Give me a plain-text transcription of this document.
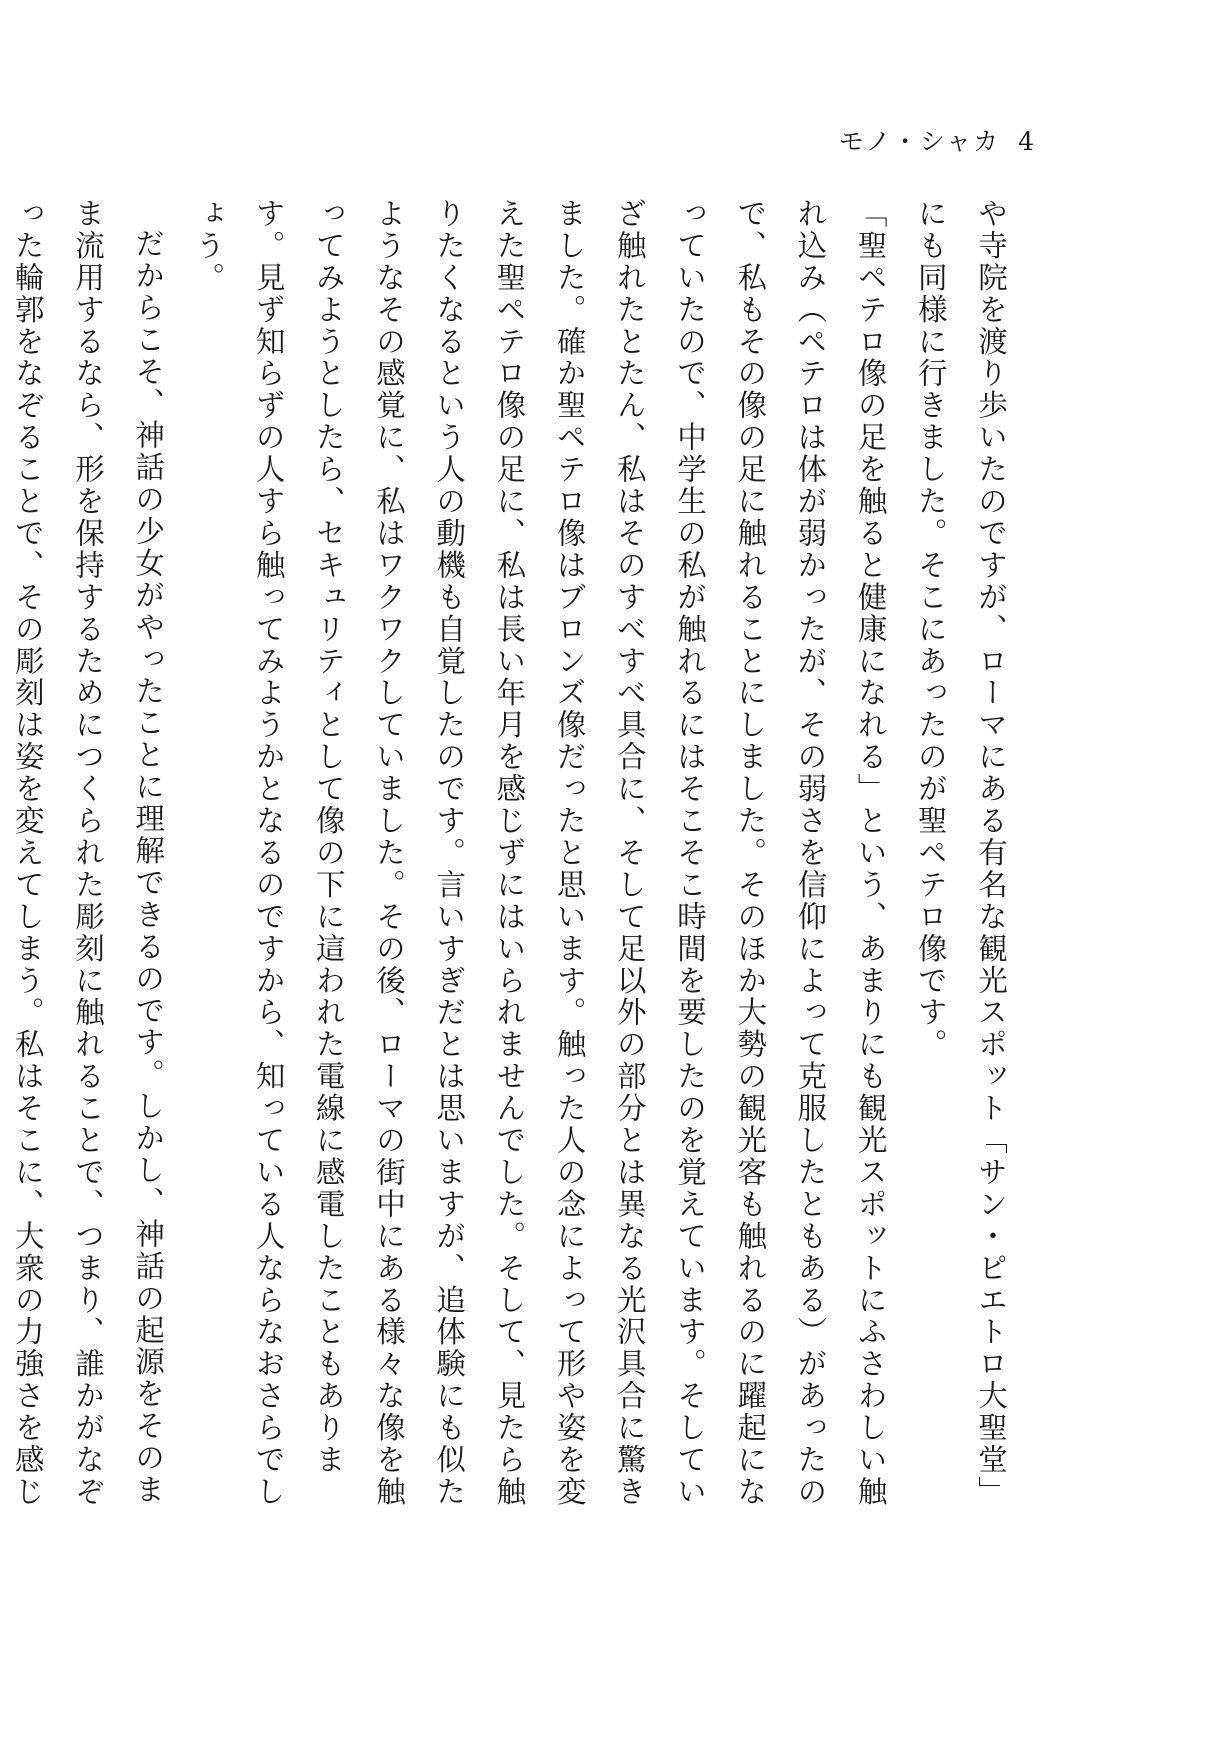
モノ・シャカ 4

や寺院を渡り歩いたのですが、ローマにある有名な観光スポット「サン・ピエトロ大聖堂」にも同様に行きました。そこにあったのが聖ペテロ像です。

「聖ペテロ像の足を触ると健康になれる」という、あまりにも観光スポットにふさわしい触れ込み（ペテロは体が弱かったが、その弱さを信仰によって克服したともある）があったので、私もその像の足に触れることにしました。そのほか大勢の観光客も触れるのに躍起になっていたので、中学生の私が触れるにはそこそこ時間を要したのを覚えています。そしていざ触れたとたん、私はそのすべすべ具合に、そして足以外の部分とは異なる光沢具合に驚きました。確か聖ペテロ像はブロンズ像だったと思います。触った人の念によって形や姿を変えた聖ペテロ像の足に、私は長い年月を感じずにはいられませんでした。そして、見たら触りたくなるという人の動機も自覚したのです。言いすぎだとは思いますが、追体験にも似たようなその感覚に、私はワクワクしていました。その後、ローマの街中にある様々な像を触ってみようとしたら、セキュリティとして像の下に這われた電線に感電したこともあります。見ず知らずの人すら触ってみようかとなるのですから、知っている人ならなおさらでしょう。

だからこそ、神話の少女がやったことに理解できるのです。しかし、神話の起源をそのまま流用するなら、形を保持するためにつくられた彫刻に触れることで、つまり、誰かがなぞった輪郭をなぞることで、その彫刻は姿を変えてしまう。私はそこに、大衆の力強さを感じ
